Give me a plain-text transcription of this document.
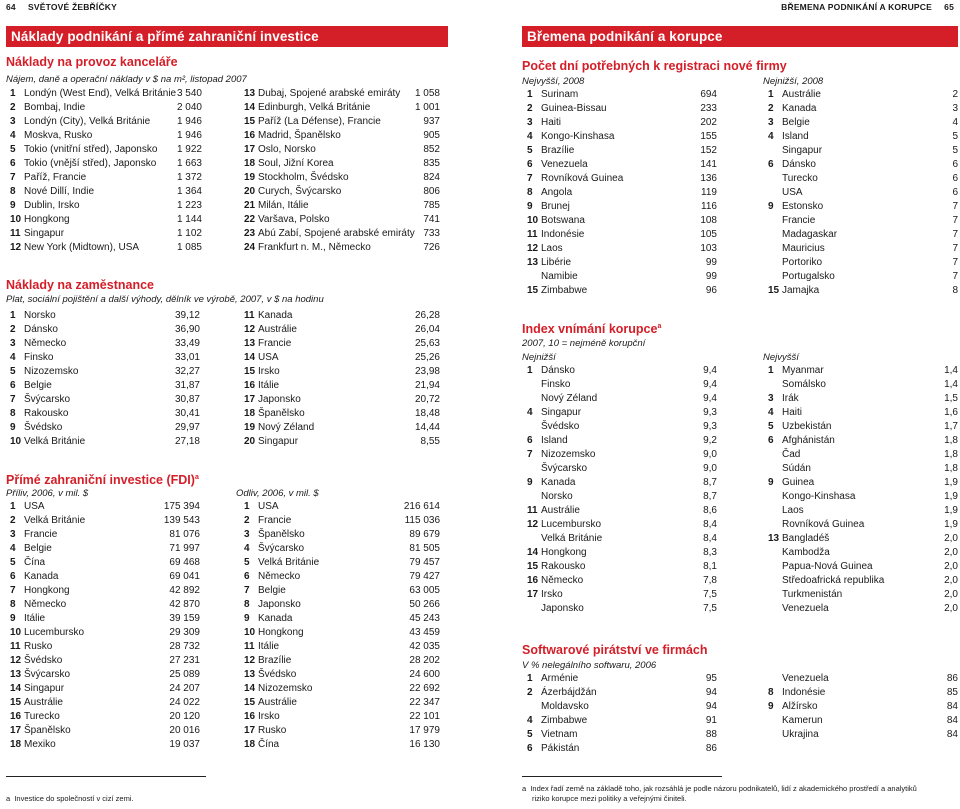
64 SVĚTOVÉ ŽEBŘÍČKY	BŘEMENA PODNIKÁNÍ A KORUPCE 65
Náklady podnikání a přímé zahraniční investice	Břemena podnikání a korupce
Náklady na provoz kanceláře
Nájem, daně a operační náklady v $ na m², listopad 2007
1 Londýn (West End), Velká Británie 3 540
2 Bombaj, Indie	2 040
3 Londýn (City), Velká Británie	1 946
4 Moskva, Rusko	1 946
5 Tokio (vnitřní střed), Japonsko 1 922
6 Tokio (vnější střed), Japonsko 1 663
7 Paříž, Francie	1 372
8 Nové Dillí, Indie	1 364
9 Dublin, Irsko	1 223
10 Hongkong	1 144
11 Singapur	1 102
12 New York (Midtown), USA	1 085
13 Dubaj, Spojené arabské emiráty 1 058
14 Edinburgh, Velká Británie	1 001
15 Paříž (La Défense), Francie	937
16 Madrid, Španělsko	905
17 Oslo, Norsko	852
18 Soul, Jižní Korea	835
19 Stockholm, Švédsko	824
20 Curych, Švýcarsko	806
21 Milán, Itálie	785
22 Varšava, Polsko	741
23 Abú Zabí, Spojené arabské emiráty 733
24 Frankfurt n. M., Německo	726
Náklady na zaměstnance
Plat, sociální pojištění a další výhody, dělník ve výrobě, 2007, v $ na hodinu
1 Norsko	39,12
2 Dánsko	36,90
3 Německo	33,49
4 Finsko	33,01
5 Nizozemsko	32,27
6 Belgie	31,87
7 Švýcarsko	30,87
8 Rakousko	30,41
9 Švédsko	29,97
10 Velká Británie	27,18
11 Kanada	26,28
12 Austrálie	26,04
13 Francie	25,63
14 USA	25,26
15 Irsko	23,98
16 Itálie	21,94
17 Japonsko	20,72
18 Španělsko	18,48
19 Nový Zéland	14,44
20 Singapur	8,55
Přímé zahraniční investice (FDI)$^a$
Příliv, 2006, v mil. $	Odliv, 2006, v mil. $
1 USA	175 394
2 Velká Británie	139 543
3 Francie	81 076
4 Belgie	71 997
5 Čína	69 468
6 Kanada	69 041
7 Hongkong	42 892
8 Německo	42 870
9 Itálie	39 159
10 Lucembursko	29 309
11 Rusko	28 732
12 Švédsko	27 231
13 Švýcarsko	25 089
14 Singapur	24 207
15 Austrálie	24 022
16 Turecko	20 120
17 Španělsko	20 016
18 Mexiko	19 037
1 USA	216 614
2 Francie	115 036
3 Španělsko	89 679
4 Švýcarsko	81 505
5 Velká Británie	79 457
6 Německo	79 427
7 Belgie	63 005
8 Japonsko	50 266
9 Kanada	45 243
10 Hongkong	43 459
11 Itálie	42 035
12 Brazílie	28 202
13 Švédsko	24 600
14 Nizozemsko	22 692
15 Austrálie	22 347
16 Irsko	22 101
17 Rusko	17 979
18 Čína	16 130
Počet dní potřebných k registraci nové firmy
Nejvyšší, 2008	Nejnižší, 2008
1 Surinam	694
2 Guinea-Bissau	233
3 Haiti	202
4 Kongo-Kinshasa	155
5 Brazílie	152
6 Venezuela	141
7 Rovníková Guinea	136
8 Angola	119
9 Brunej	116
10 Botswana	108
11 Indonésie	105
12 Laos	103
13 Libérie	99
Namibie	99
15 Zimbabwe	96
1 Austrálie	2
2 Kanada	3
3 Belgie	4
4 Island	5
Singapur	5
6 Dánsko	6
Turecko	6
USA	6
9 Estonsko	7
Francie	7
Madagaskar	7
Mauricius	7
Portoriko	7
Portugalsko	7
15 Jamajka	8
Index vnímání korupce$^a$
2007, 10 = nejméně korupční
Nejnižší	Nejvyšší
1 Dánsko	9,4
Finsko	9,4
Nový Zéland	9,4
4 Singapur	9,3
Švédsko	9,3
6 Island	9,2
7 Nizozemsko	9,0
Švýcarsko	9,0
9 Kanada	8,7
Norsko	8,7
11 Austrálie	8,6
12 Lucembursko	8,4
Velká Británie	8,4
14 Hongkong	8,3
15 Rakousko	8,1
16 Německo	7,8
17 Irsko	7,5
Japonsko	7,5
1 Myanmar	1,4
Somálsko	1,4
3 Irák	1,5
4 Haiti	1,6
5 Uzbekistán	1,7
6 Afghánistán	1,8
Čad	1,8
Súdán	1,8
9 Guinea	1,9
Kongo-Kinshasa	1,9
Laos	1,9
Rovníková Guinea	1,9
13 Bangladéš	2,0
Kambodža	2,0
Papua-Nová Guinea	2,0
Středoafrická republika	2,0
Turkmenistán	2,0
Venezuela	2,0
Softwarové pirátství ve firmách
V % nelegálního softwaru, 2006
1 Arménie	95
2 Ázerbájdžán	94
Moldavsko	94
4 Zimbabwe	91
5 Vietnam	88
6 Pákistán	86
Venezuela	86
8 Indonésie	85
9 Alžírsko	84
Kamerun	84
Ukrajina	84
a Investice do společností v cizí zemi.
a Index řadí země na základě toho, jak rozsáhlá je podle názoru podnikatelů, lidí z akademického prostředí a analytiků
riziko korupce mezi politiky a veřejnými činiteli.
